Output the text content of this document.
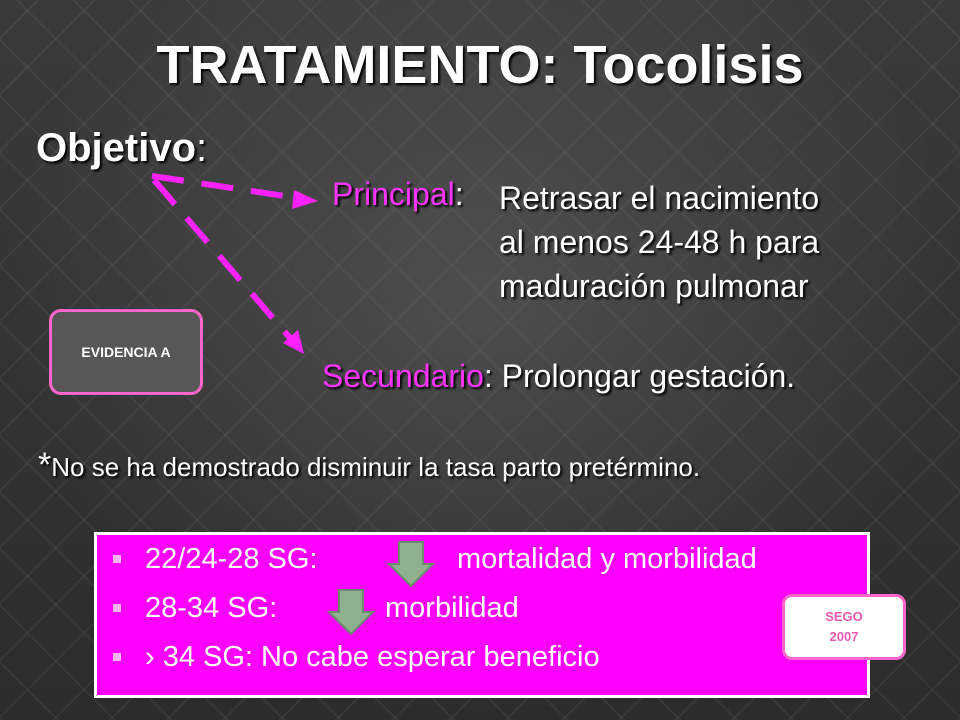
TRATAMIENTO: Tocolisis
Objetivo:
Principal: Retrasar el nacimiento
al menos 24-48 h para
maduración pulmonar
EVIDENCIA A
Secundario: Prolongar gestación.
*No se ha demostrado disminuir la tasa parto pretérmino.
22/24-28 SG:	mortalidad y morbilidad
28-34 SG:	morbilidad
› 34 SG: No cabe esperar beneficio
SEGO
2007
